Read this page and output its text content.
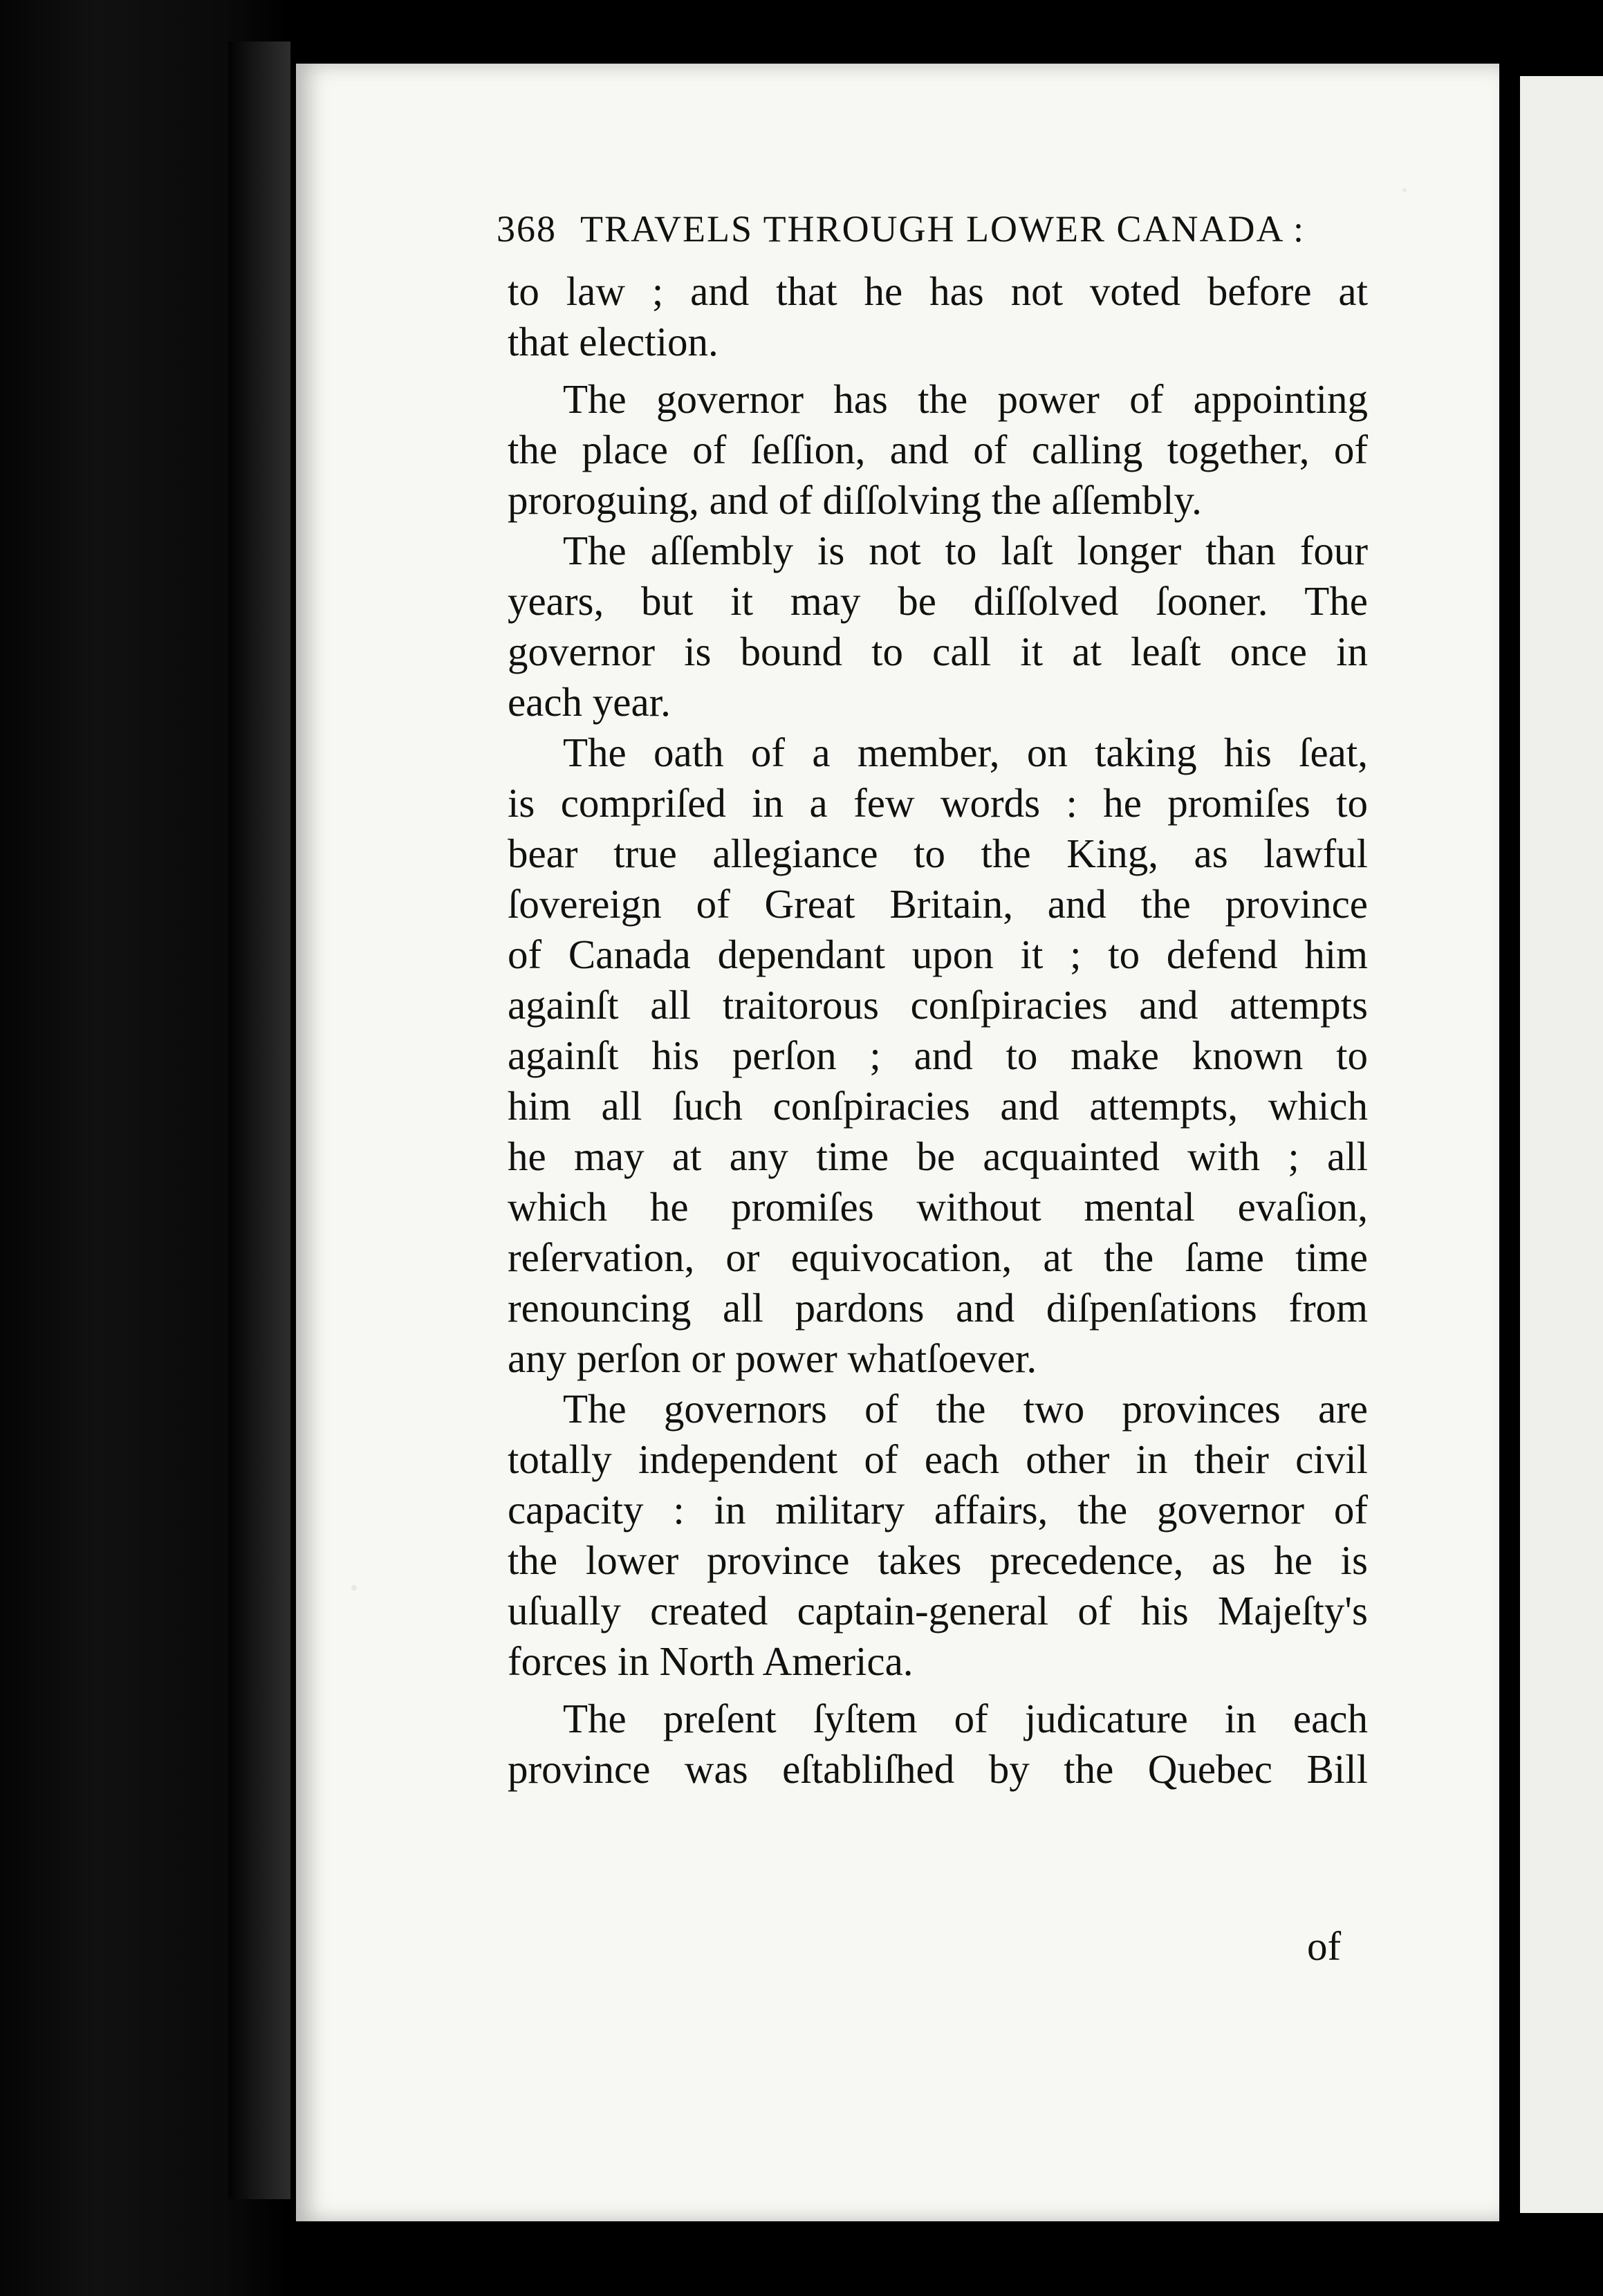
368 TRAVELS THROUGH LOWER CANADA :
to law ; and that he has not voted before at
that election.
The governor has the power of appointing
the place of ſeſſion, and of calling together, of
proroguing, and of diſſolving the aſſembly.
The aſſembly is not to laſt longer than four
years, but it may be diſſolved ſooner. The
governor is bound to call it at leaſt once in
each year.
The oath of a member, on taking his ſeat,
is compriſed in a few words : he promiſes to
bear true allegiance to the King, as lawful
ſovereign of Great Britain, and the province
of Canada dependant upon it ; to defend him
againſt all traitorous conſpiracies and attempts
againſt his perſon ; and to make known to
him all ſuch conſpiracies and attempts, which
he may at any time be acquainted with ; all
which he promiſes without mental evaſion,
reſervation, or equivocation, at the ſame time
renouncing all pardons and diſpenſations from
any perſon or power whatſoever.
The governors of the two provinces are
totally independent of each other in their civil
capacity : in military affairs, the governor of
the lower province takes precedence, as he is
uſually created captain-general of his Majeſty's
forces in North America.
The preſent ſyſtem of judicature in each
province was eſtabliſhed by the Quebec Bill
of
